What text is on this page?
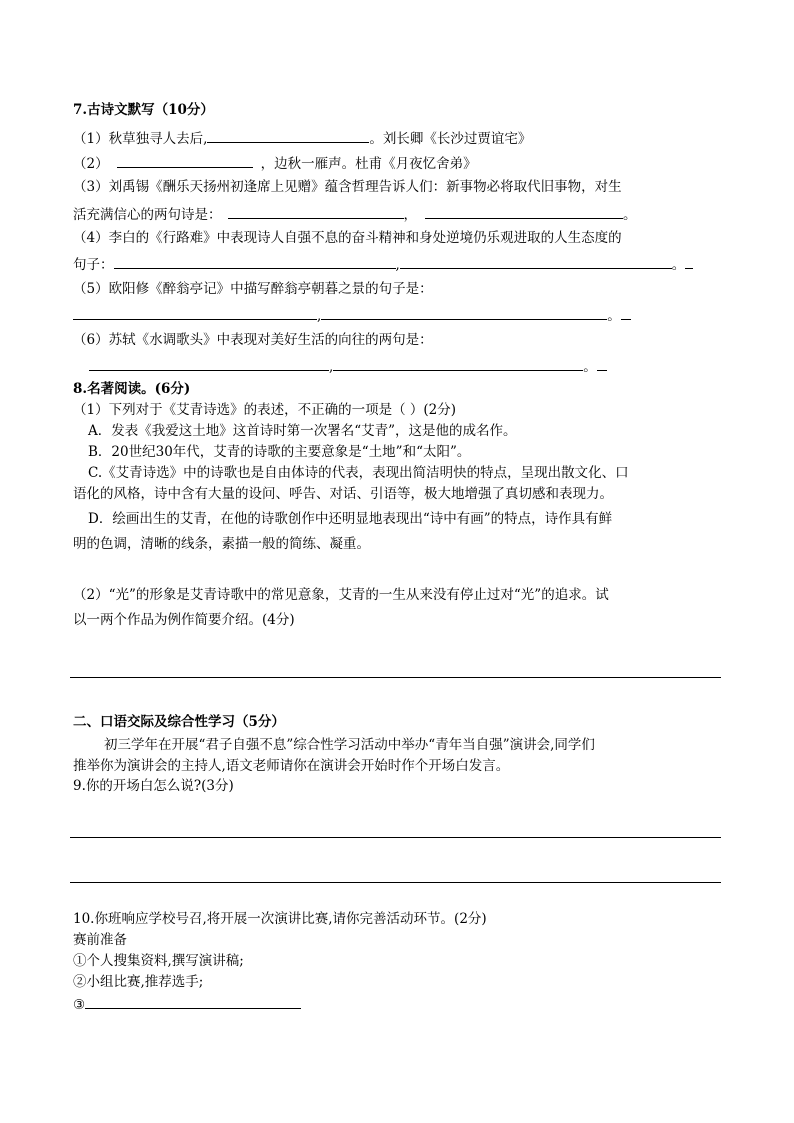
7.古诗文默写（10分）
（1）秋草独寻人去后,	。刘长卿《长沙过贾谊宅》
（2）	，边秋一雁声。杜甫《月夜忆舍弟》
（3）刘禹锡《酬乐天扬州初逢席上见赠》蕴含哲理告诉人们：新事物必将取代旧事物，对生
活充满信心的两句诗是：	，	。
（4）李白的《行路难》中表现诗人自强不息的奋斗精神和身处逆境仍乐观进取的人生态度的
句子：	,	。
（5）欧阳修《醉翁亭记》中描写醉翁亭朝暮之景的句子是：
,	。
（6）苏轼《水调歌头》中表现对美好生活的向往的两句是：
,	。
8.名著阅读。(6分)
（1）下列对于《艾青诗选》的表述，不正确的一项是（ ）(2分)
A．发表《我爱这土地》这首诗时第一次署名“艾青”，这是他的成名作。
B．20世纪30年代，艾青的诗歌的主要意象是“土地”和“太阳”。
C.《艾青诗选》中的诗歌也是自由体诗的代表，表现出简洁明快的特点，呈现出散文化、口
语化的风格，诗中含有大量的设问、呼告、对话、引语等，极大地增强了真切感和表现力。
D．绘画出生的艾青，在他的诗歌创作中还明显地表现出“诗中有画”的特点，诗作具有鲜
明的色调，清晰的线条，素描一般的简练、凝重。
（2）“光”的形象是艾青诗歌中的常见意象，艾青的一生从来没有停止过对“光”的追求。试
以一两个作品为例作简要介绍。(4分)
二、口语交际及综合性学习（5分）
初三学年在开展“君子自强不息”综合性学习活动中举办“青年当自强”演讲会,同学们
推举你为演讲会的主持人,语文老师请你在演讲会开始时作个开场白发言。
9.你的开场白怎么说?(3分)
10.你班响应学校号召,将开展一次演讲比赛,请你完善活动环节。(2分)
赛前准备
①个人搜集资料,撰写演讲稿;
②小组比赛,推荐选手;
③
